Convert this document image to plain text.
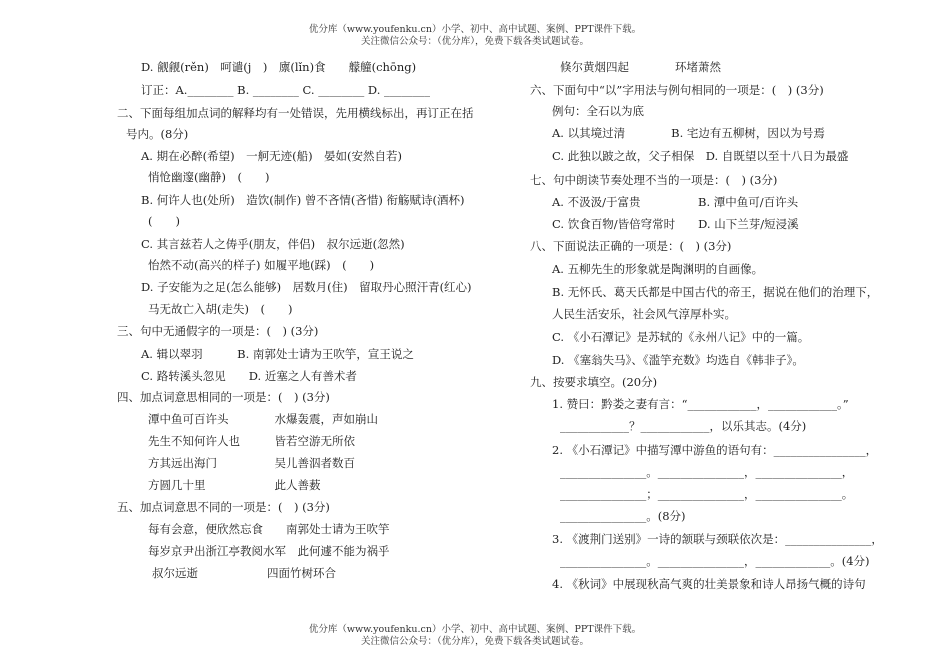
优分库（www.youfenku.cn）小学、初中、高中试题、案例、PPT课件下载。
关注微信公众号：（优分库），免费下载各类试题试卷。
D. 觎觎(rěn)　呵谴(j　)　廪(lǐn)食　　艨艟(chōng)
订正：A.________ B. ________ C. ________ D. ________
二、下面每组加点词的解释均有一处错误，先用横线标出，再订正在括
号内。(8分)
A. 期在必醉(希望)　一舸无迹(船)　晏如(安然自若)
悄怆幽邃(幽静)　(　　)
B. 何许人也(处所)　造饮(制作) 曾不吝情(吝惜) 衔觞赋诗(酒杯)
(　　)
C. 其言兹若人之俦乎(朋友，伴侣)　叔尔远逝(忽然)
怡然不动(高兴的样子) 如履平地(踩)　(　　)
D. 子安能为之足(怎么能够)　居数月(住)　留取丹心照汗青(红心)
马无故亡入胡(走失)　(　　)
三、句中无通假字的一项是：(　) (3分)
A. 辑以翠羽　　　B. 南郭处士请为王吹竽，宣王说之
C. 路转溪头忽见　　D. 近塞之人有善术者
四、加点词意思相同的一项是：(　) (3分)
潭中鱼可百许头　　　　水爆轰震，声如崩山
先生不知何许人也　　　皆若空游无所依
方其远出海门　　　　　吴儿善泅者数百
方圆几十里　　　　　　此人善薮
五、加点词意思不同的一项是：(　) (3分)
每有会意，便欣然忘食　　南郭处士请为王吹竽
每岁京尹出浙江亭教阅水军　此何遽不能为祸乎
叔尔远逝　　　　　　四面竹树环合
倏尔黄烟四起　　　　环堵萧然
六、下面句中“以”字用法与例句相同的一项是：(　) (3分)
例句：全石以为底
A. 以其境过清　　　　B. 宅边有五柳树，因以为号焉
C. 此独以跛之故，父子相保　D. 自既望以至十八日为最盛
七、句中朗读节奏处理不当的一项是：(　) (3分)
A. 不汲汲/于富贵　　　　　B. 潭中鱼可/百许头
C. 饮食百物/皆倍穹常时　　D. 山下兰芽/短浸溪
八、下面说法正确的一项是：(　) (3分)
A. 五柳先生的形象就是陶渊明的自画像。
B. 无怀氏、葛天氏都是中国古代的帝王，据说在他们的治理下，
人民生活安乐，社会风气淳厚朴实。
C. 《小石潭记》是苏轼的《永州八记》中的一篇。
D. 《塞翁失马》、《滥竽充数》均选自《韩非子》。
九、按要求填空。(20分)
1. 赞曰：黔娄之妻有言：“____________，____________。”
____________？____________，以乐其志。(4分)
2. 《小石潭记》中描写潭中游鱼的语句有：________________，
_______________。_______________，_______________，
_______________；_______________，_______________。
_______________。(8分)
3. 《渡荆门送别》一诗的颔联与颈联依次是：_______________，
_______________。_______________，_____________。(4分)
4. 《秋词》中展现秋高气爽的壮美景象和诗人昂扬气概的诗句
优分库（www.youfenku.cn）小学、初中、高中试题、案例、PPT课件下载。
关注微信公众号：（优分库），免费下载各类试题试卷。
